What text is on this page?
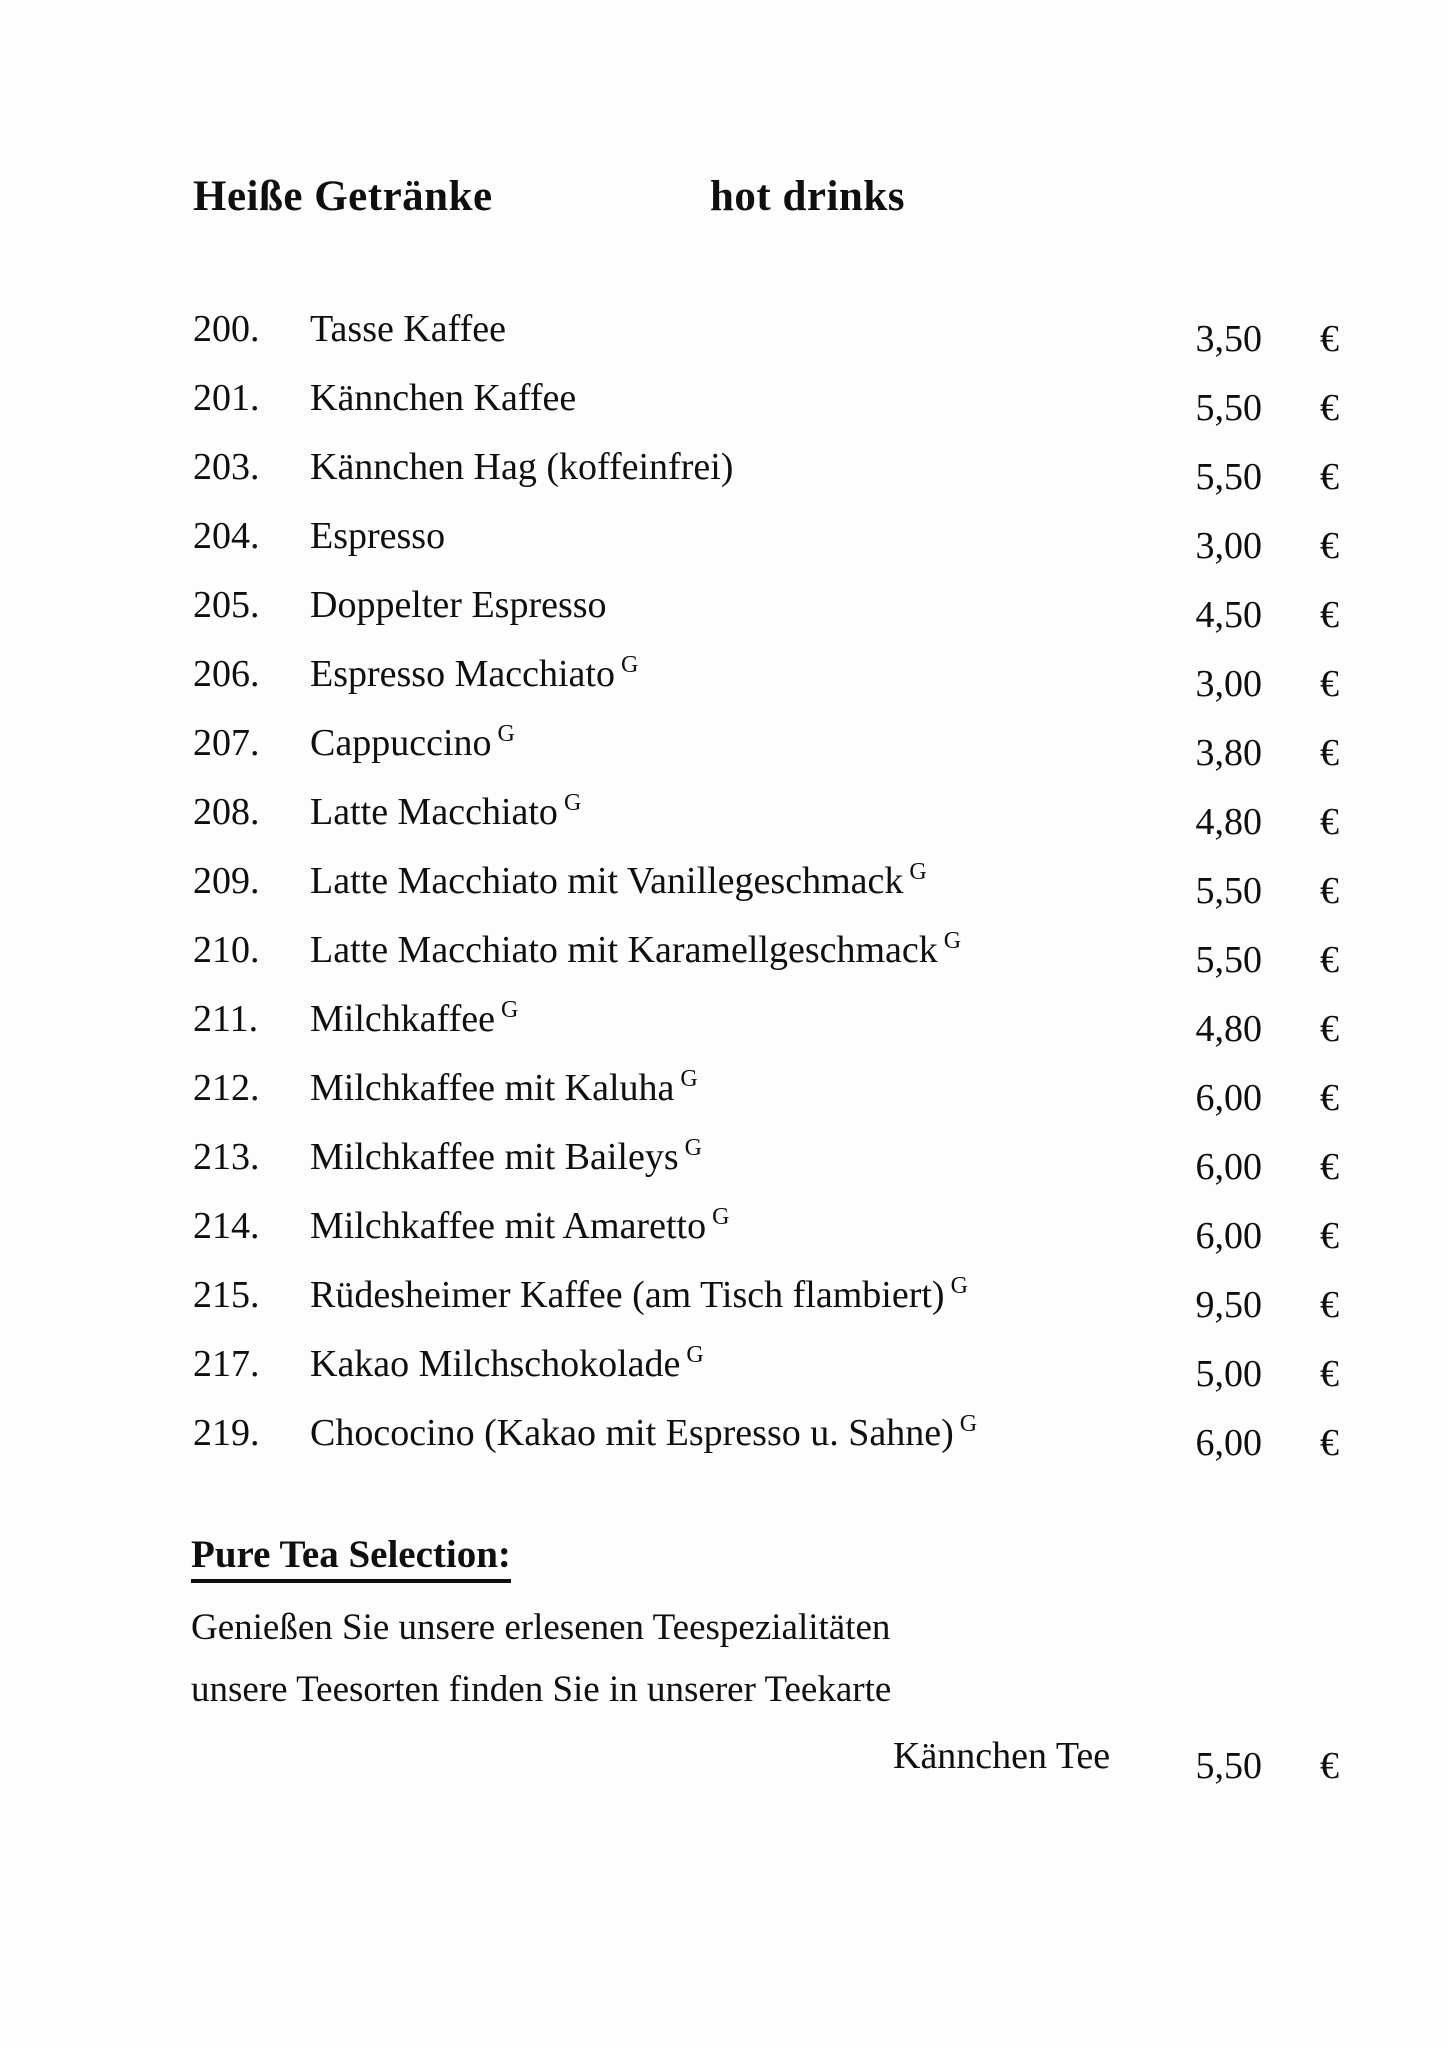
Heiße Getränke	hot drinks
200. Tasse Kaffee	3,50 €
201. Kännchen Kaffee	5,50 €
203. Kännchen Hag (koffeinfrei)	5,50 €
204. Espresso	3,00 €
205. Doppelter Espresso	4,50 €
206. Espresso Macchiato $^G$	3,00 €
207. Cappuccino $^G$	3,80 €
208. Latte Macchiato $^G$	4,80 €
209. Latte Macchiato mit Vanillegeschmack $^G$	5,50 €
210. Latte Macchiato mit Karamellgeschmack $^G$	5,50 €
211. Milchkaffee $^G$	4,80 €
212. Milchkaffee mit Kaluha $^G$	6,00 €
213. Milchkaffee mit Baileys $^G$	6,00 €
214. Milchkaffee mit Amaretto $^G$	6,00 €
215. Rüdesheimer Kaffee (am Tisch flambiert) $^G$	9,50 €
217. Kakao Milchschokolade $^G$	5,00 €
219. Chococino (Kakao mit Espresso u. Sahne) $^G$	6,00 €
Pure Tea Selection:
Genießen Sie unsere erlesenen Teespezialitäten
unsere Teesorten finden Sie in unserer Teekarte
Kännchen Tee	5,50 €
